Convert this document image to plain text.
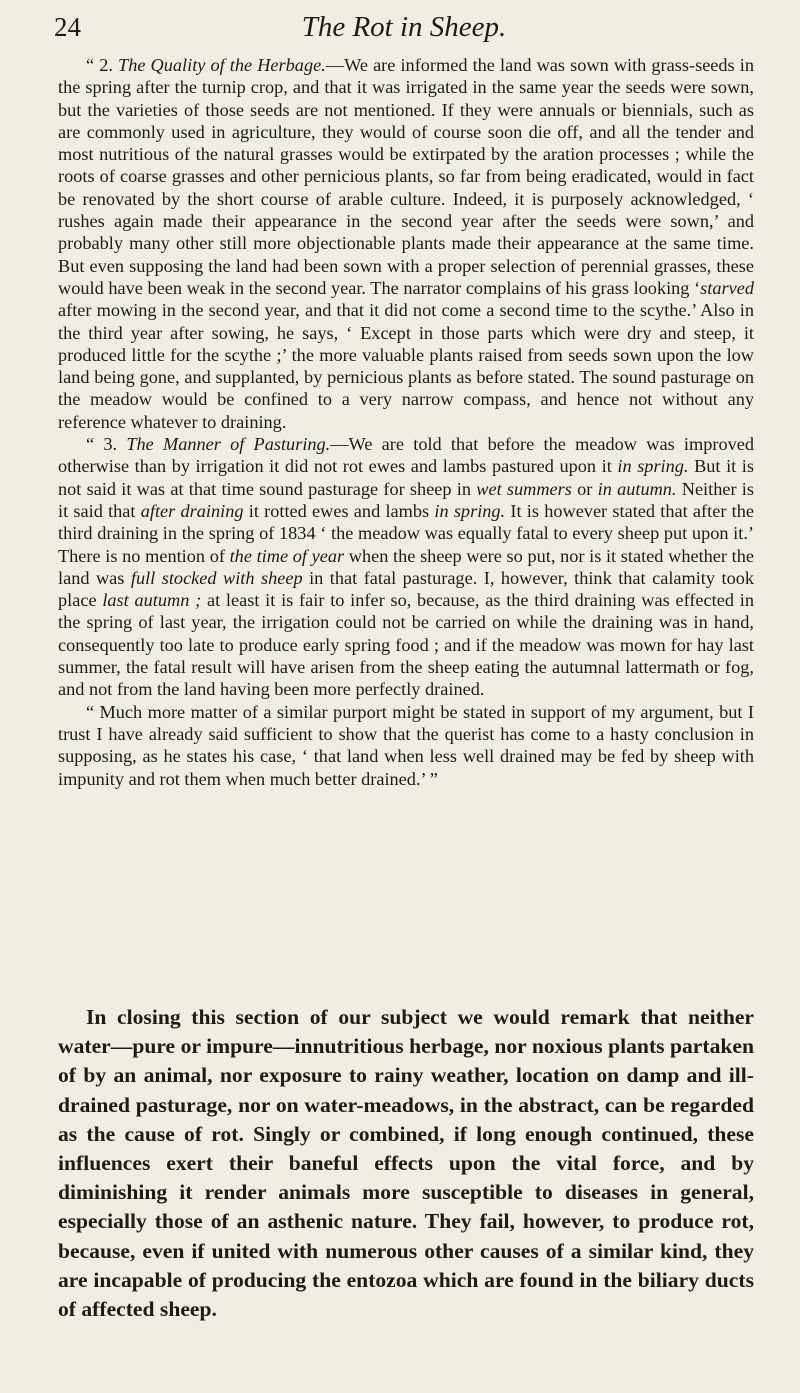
24	The Rot in Sheep.

“ 2. The Quality of the Herbage.—We are informed the land was sown with grass-seeds in the spring after the turnip crop, and that it was irrigated in the same year the seeds were sown, but the varieties of those seeds are not mentioned. If they were annuals or biennials, such as are commonly used in agriculture, they would of course soon die off, and all the tender and most nutritious of the natural grasses would be extirpated by the aration processes ; while the roots of coarse grasses and other pernicious plants, so far from being eradicated, would in fact be renovated by the short course of arable culture. Indeed, it is purposely acknowledged, ‘ rushes again made their appearance in the second year after the seeds were sown,’ and probably many other still more objectionable plants made their appearance at the same time. But even supposing the land had been sown with a proper selection of perennial grasses, these would have been weak in the second year. The narrator complains of his grass looking ‘starved after mowing in the second year, and that it did not come a second time to the scythe.’ Also in the third year after sowing, he says, ‘ Except in those parts which were dry and steep, it produced little for the scythe ;’ the more valuable plants raised from seeds sown upon the low land being gone, and supplanted, by pernicious plants as before stated. The sound pasturage on the meadow would be confined to a very narrow compass, and hence not without any reference whatever to draining.

“ 3. The Manner of Pasturing.—We are told that before the meadow was improved otherwise than by irrigation it did not rot ewes and lambs pastured upon it in spring. But it is not said it was at that time sound pasturage for sheep in wet summers or in autumn. Neither is it said that after draining it rotted ewes and lambs in spring. It is however stated that after the third draining in the spring of 1834 ‘ the meadow was equally fatal to every sheep put upon it.’ There is no mention of the time of year when the sheep were so put, nor is it stated whether the land was full stocked with sheep in that fatal pasturage. I, however, think that calamity took place last autumn ; at least it is fair to infer so, because, as the third draining was effected in the spring of last year, the irrigation could not be carried on while the draining was in hand, consequently too late to produce early spring food ; and if the meadow was mown for hay last summer, the fatal result will have arisen from the sheep eating the autumnal lattermath or fog, and not from the land having been more perfectly drained.

“ Much more matter of a similar purport might be stated in support of my argument, but I trust I have already said sufficient to show that the querist has come to a hasty conclusion in supposing, as he states his case, ‘ that land when less well drained may be fed by sheep with impunity and rot them when much better drained.’ ”

In closing this section of our subject we would remark that neither water—pure or impure—innutritious herbage, nor noxious plants partaken of by an animal, nor exposure to rainy weather, location on damp and ill-drained pasturage, nor on water-meadows, in the abstract, can be regarded as the cause of rot. Singly or combined, if long enough continued, these influences exert their baneful effects upon the vital force, and by diminishing it render animals more susceptible to diseases in general, especially those of an asthenic nature. They fail, however, to produce rot, because, even if united with numerous other causes of a similar kind, they are incapable of producing the entozoa which are found in the biliary ducts of affected sheep.
